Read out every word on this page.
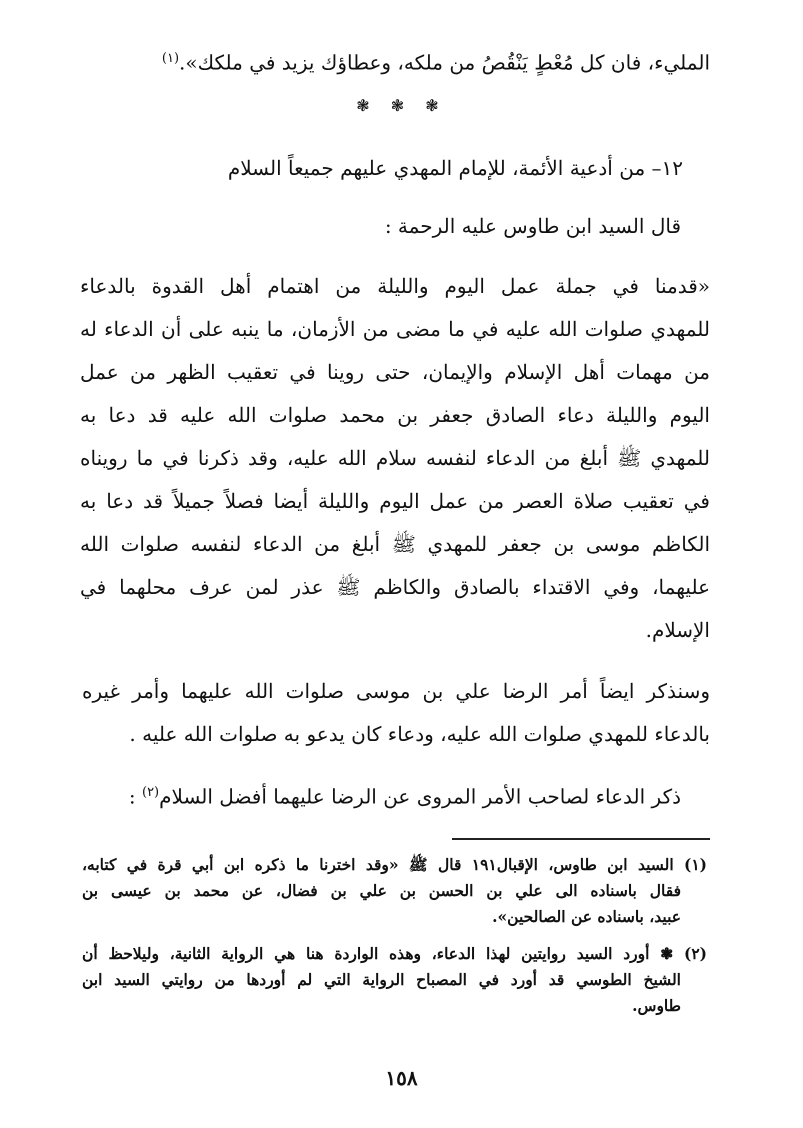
المليء، فان كل مُعْطٍ يَنْقُصُ من ملكه، وعطاؤك يزيد في ملكك».$^{(١)}$
❃ ❃ ❃
١٢– من أدعية الأئمة، للإمام المهدي عليهم جميعاً السلام
قال السيد ابن طاوس عليه الرحمة :
«قدمنا في جملة عمل اليوم والليلة من اهتمام أهل القدوة بالدعاء
للمهدي صلوات الله عليه في ما مضى من الأزمان، ما ينبه على أن الدعاء له
من مهمات أهل الإسلام والإيمان، حتى روينا في تعقيب الظهر من عمل
اليوم والليلة دعاء الصادق جعفر بن محمد صلوات الله عليه قد دعا به
للمهدي ﷺ أبلغ من الدعاء لنفسه سلام الله عليه، وقد ذكرنا في ما رويناه
في تعقيب صلاة العصر من عمل اليوم والليلة أيضا فصلاً جميلاً قد دعا به
الكاظم موسى بن جعفر للمهدي ﷺ أبلغ من الدعاء لنفسه صلوات الله
عليهما، وفي الاقتداء بالصادق والكاظم ﷺ عذر لمن عرف محلهما في
الإسلام.
وسنذكر ايضاً أمر الرضا علي بن موسى صلوات الله عليهما وأمر غيره
بالدعاء للمهدي صلوات الله عليه، ودعاء كان يدعو به صلوات الله عليه .
ذكر الدعاء لصاحب الأمر المروى عن الرضا عليهما أفضل السلام$^{(٢)}$ :
(١) السيد ابن طاوس، الإقبال١٩١ قال ﷺ «وقد اخترنا ما ذكره ابن أبي قرة في كتابه،
فقال باسناده الى علي بن الحسن بن علي بن فضال، عن محمد بن عيسى بن
عبيد، باسناده عن الصالحين».
(٢) ❃ أورد السيد روايتين لهذا الدعاء، وهذه الواردة هنا هي الرواية الثانية، وليلاحظ أن
الشيخ الطوسي قد أورد في المصباح الرواية التي لم أوردها من روايتي السيد ابن
طاوس.
١٥٨
